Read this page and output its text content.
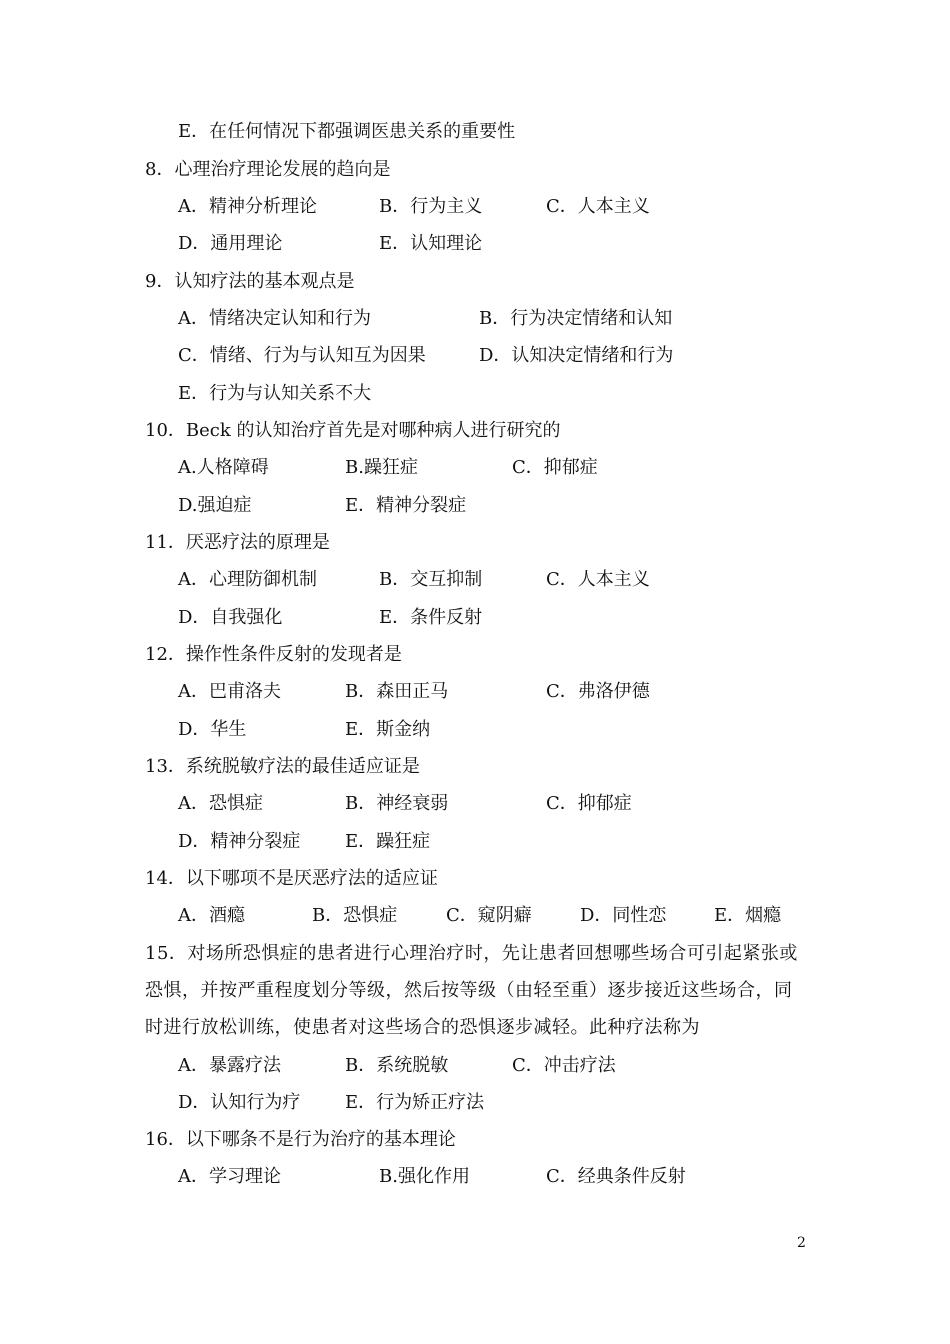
E．在任何情况下都强调医患关系的重要性
8．心理治疗理论发展的趋向是
A．精神分析理论	B．行为主义	C．人本主义
D．通用理论	E．认知理论
9．认知疗法的基本观点是
A．情绪决定认知和行为	B．行为决定情绪和认知
C．情绪、行为与认知互为因果	D．认知决定情绪和行为
E．行为与认知关系不大
10．Beck 的认知治疗首先是对哪种病人进行研究的
A.人格障碍	B.躁狂症	C．抑郁症
D.强迫症	E．精神分裂症
11．厌恶疗法的原理是
A．心理防御机制	B．交互抑制	C．人本主义
D．自我强化	E．条件反射
12．操作性条件反射的发现者是
A．巴甫洛夫	B．森田正马	C．弗洛伊德
D．华生	E．斯金纳
13．系统脱敏疗法的最佳适应证是
A．恐惧症	B．神经衰弱	C．抑郁症
D．精神分裂症 E．躁狂症
14．以下哪项不是厌恶疗法的适应证
A．酒瘾	B．恐惧症	C．窥阴癖	D．同性恋	E．烟瘾
15．对场所恐惧症的患者进行心理治疗时，先让患者回想哪些场合可引起紧张或
恐惧，并按严重程度划分等级，然后按等级（由轻至重）逐步接近这些场合，同
时进行放松训练，使患者对这些场合的恐惧逐步减轻。此种疗法称为
A．暴露疗法	B．系统脱敏	C．冲击疗法
D．认知行为疗 E．行为矫正疗法
16．以下哪条不是行为治疗的基本理论
A．学习理论	B.强化作用	C．经典条件反射
2
